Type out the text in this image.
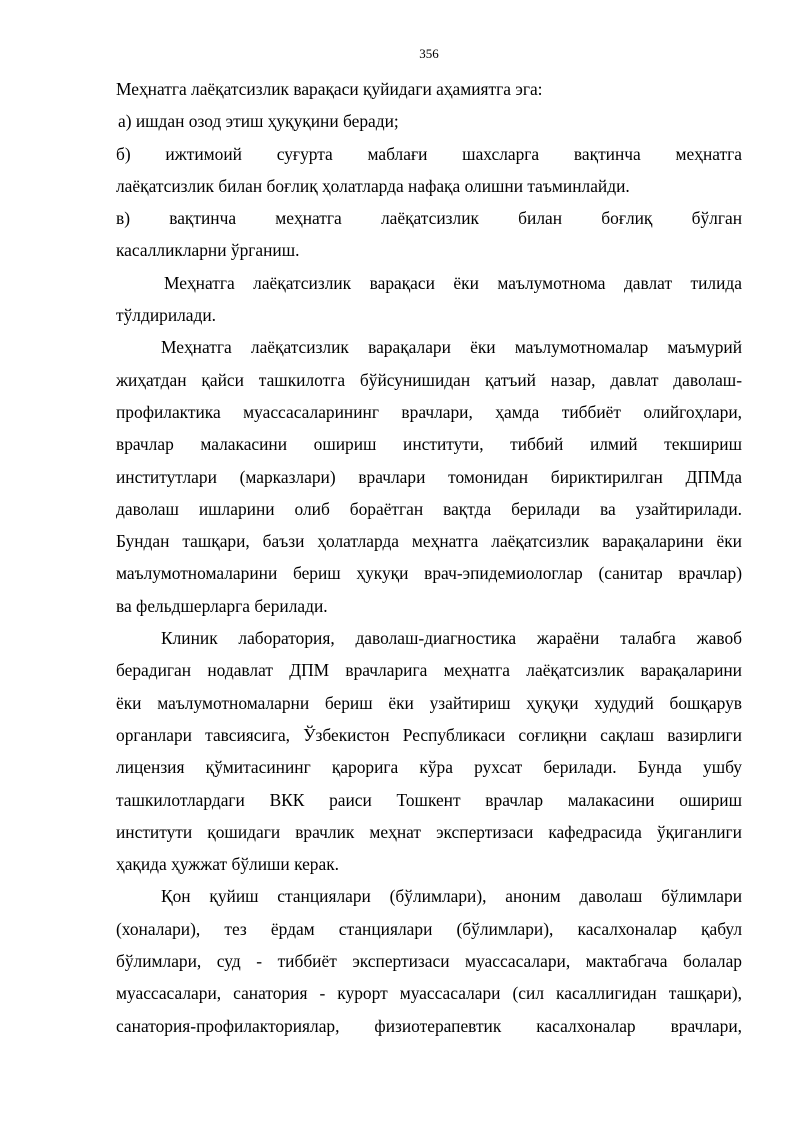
356
Меҳнатга лаёқатсизлик варақаси қуйидаги аҳамиятга эга:
а) ишдан озод этиш ҳуқуқини беради;
б) ижтимоий суғурта маблағи шахсларга вақтинча меҳнатга
лаёқатсизлик билан боғлиқ ҳолатларда нафақа олишни таъминлайди.
в) вақтинча меҳнатга лаёқатсизлик билан боғлиқ бўлган
касалликларни ўрганиш.
Меҳнатга лаёқатсизлик варақаси ёки маълумотнома давлат тилида
тўлдирилади.
Меҳнатга лаёқатсизлик варақалари ёки маълумотномалар маъмурий
жиҳатдан қайси ташкилотга бўйсунишидан қатъий назар, давлат даволаш-
профилактика муассасаларининг врачлари, ҳамда тиббиёт олийгоҳлари,
врачлар малакасини ошириш институти, тиббий илмий текшириш
институтлари (марказлари) врачлари томонидан бириктирилган ДПМда
даволаш ишларини олиб бораётган вақтда берилади ва узайтирилади.
Бундан ташқари, баъзи ҳолатларда меҳнатга лаёқатсизлик варақаларини ёки
маълумотномаларини бериш ҳукуқи врач-эпидемиологлар (санитар врачлар)
ва фельдшерларга берилади.
Клиник лаборатория, даволаш-диагностика жараёни талабга жавоб
берадиган нодавлат ДПМ врачларига меҳнатга лаёқатсизлик варақаларини
ёки маълумотномаларни бериш ёки узайтириш ҳуқуқи худудий бошқарув
органлари тавсиясига, Ўзбекистон Республикаси соғлиқни сақлаш вазирлиги
лицензия қўмитасининг қарорига кўра рухсат берилади. Бунда ушбу
ташкилотлардаги ВКК раиси Тошкент врачлар малакасини ошириш
институти қошидаги врачлик меҳнат экспертизаси кафедрасида ўқиганлиги
ҳақида ҳужжат бўлиши керак.
Қон қуйиш станциялари (бўлимлари), аноним даволаш бўлимлари
(хоналари), тез ёрдам станциялари (бўлимлари), касалхоналар қабул
бўлимлари, суд - тиббиёт экспертизаси муассасалари, мактабгача болалар
муассасалари, санатория - курорт муассасалари (сил касаллигидан ташқари),
санатория-профилакториялар, физиотерапевтик касалхоналар врачлари,
